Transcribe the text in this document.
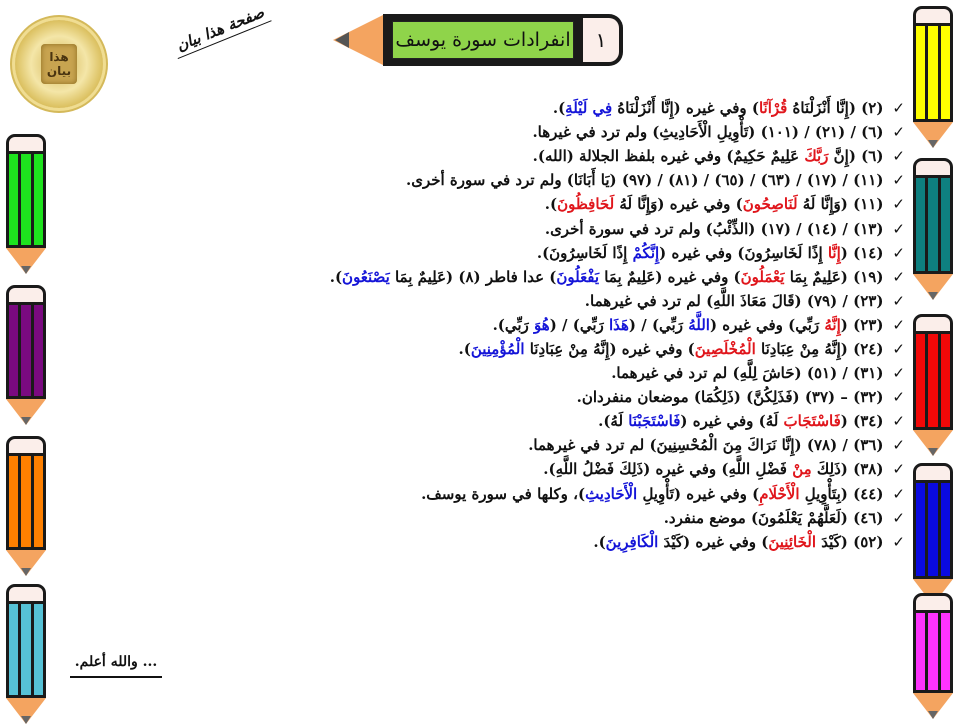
انفرادات سورة يوسف	١
هذا
بيان
صفحة هذا بيان
✓
(٢) (إِنَّا أَنْزَلْنَاهُ قُرْآنًا) وفي غيره (إِنَّا أَنْزَلْنَاهُ فِي لَيْلَةِ).
✓
(٦) / (٢١) / (١٠١) (تَأْوِيلِ الْأَحَادِيثِ) ولم ترد في غيرها.
✓
(٦) (إِنَّ رَبَّكَ عَلِيمٌ حَكِيمٌ) وفي غيره بلفظ الجلالة (الله).
✓
(١١) / (١٧) / (٦٣) / (٦٥) / (٨١) / (٩٧) (يَا أَبَانَا) ولم ترد في سورة أخرى.
✓
(١١) (وَإِنَّا لَهُ لَنَاصِحُونَ) وفي غيره (وَإِنَّا لَهُ لَحَافِظُونَ).
✓
(١٣) / (١٤) / (١٧) (الذِّئْبُ) ولم ترد في سورة أخرى.
✓
(١٤) (إِنَّا إِذًا لَخَاسِرُونَ) وفي غيره (إِنَّكُمْ إِذًا لَخَاسِرُونَ).
✓
(١٩) (عَلِيمٌ بِمَا يَعْمَلُونَ) وفي غيره (عَلِيمٌ بِمَا يَفْعَلُونَ) عدا فاطر (٨) (عَلِيمٌ بِمَا يَصْنَعُونَ).
✓
(٢٣) / (٧٩) (قَالَ مَعَاذَ اللَّهِ) لم ترد في غيرهما.
✓
(٢٣) (إِنَّهُ رَبِّي) وفي غيره (اللَّهُ رَبِّي) / (هَذَا رَبِّي) / (هُوَ رَبِّي).
✓
(٢٤) (إِنَّهُ مِنْ عِبَادِنَا الْمُخْلَصِينَ) وفي غيره (إِنَّهُ مِنْ عِبَادِنَا الْمُؤْمِنِينَ).
✓
(٣١) / (٥١) (حَاشَ لِلَّهِ) لم ترد في غيرهما.
✓
(٣٢) – (٣٧) (فَذَلِكُنَّ) (ذَلِكُمَا) موضعان منفردان.
✓
(٣٤) (فَاسْتَجَابَ لَهُ) وفي غيره (فَاسْتَجَبْنَا لَهُ).
✓
(٣٦) / (٧٨) (إِنَّا نَرَاكَ مِنَ الْمُحْسِنِينَ) لم ترد في غيرهما.
✓
(٣٨) (ذَلِكَ مِنْ فَضْلِ اللَّهِ) وفي غيره (ذَلِكَ فَضْلُ اللَّهِ).
✓
(٤٤) (بِتَأْوِيلِ الْأَحْلَامِ) وفي غيره (تَأْوِيلِ الْأَحَادِيثِ)، وكلها في سورة يوسف.
✓
(٤٦) (لَعَلَّهُمْ يَعْلَمُونَ) موضع منفرد.
✓
(٥٢) (كَيْدَ الْخَائِنِينَ) وفي غيره (كَيْدَ الْكَافِرِينَ).
... والله أعلم.
